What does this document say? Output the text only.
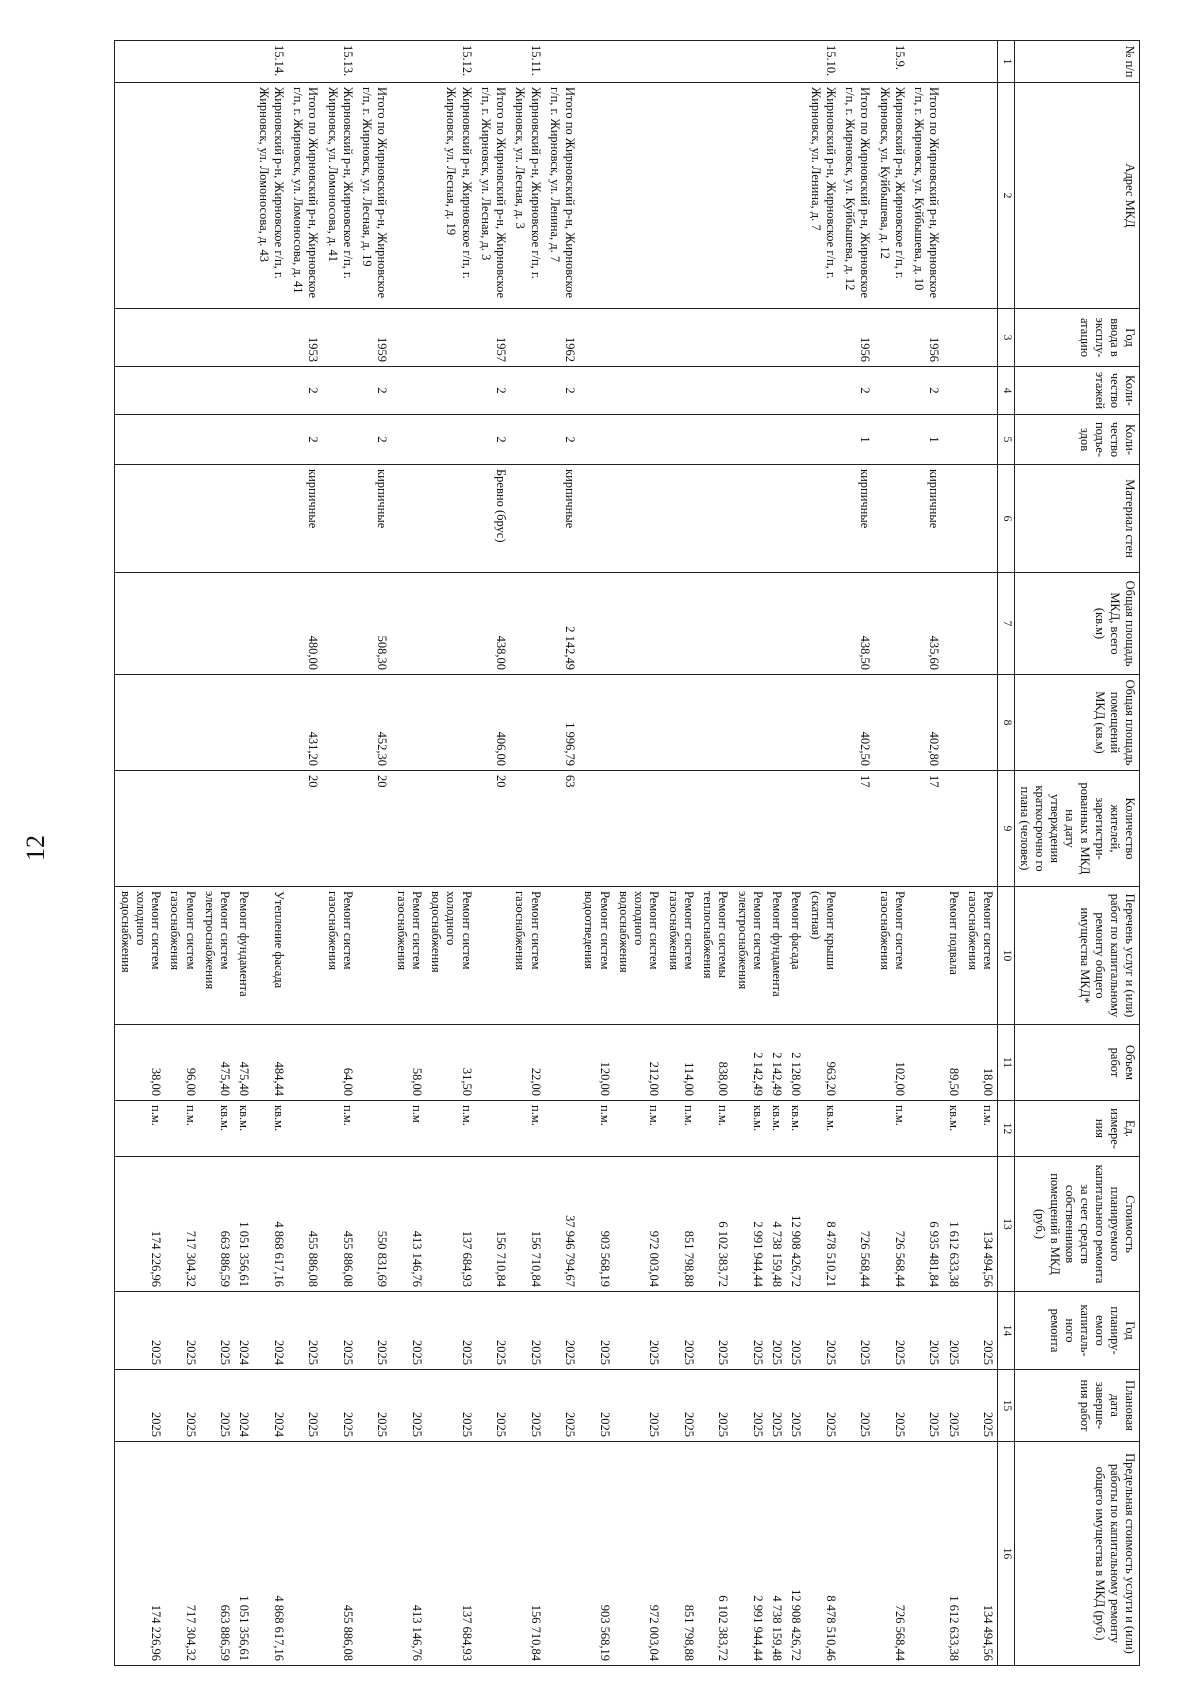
12
№ п/п	Адрес МКД	Год ввода в эксплу-атацию	Коли-чество этажей	Коли-чество подъе-здов	Материал стен	Общая площадь МКД, всего (кв.м)	Общая площадь помещений МКД (кв.м)	Количество жителей, зарегистри-рованных в МКД на дату утверждения краткосрочно го плана (человек)	Перечень услуг и (или) работ по капитальному ремонту общего имущества МКД*	Объем работ	Ед. измере-ния	Стоимость планируемого капитального ремонта за счет средств собственников помещений в МКД (руб.)	Год планиру-емого капиталь-ного ремонта	Плановая дата заверше-ния работ	Предельная стоимость услуги и (или) работы по капитальному ремонту общего имущества в МКД (руб.)
1	2	3	4	5	6	7	8	9	10	11	12	13	14	15	16
									Ремонт систем газоснабжения	18,00	п.м.	134 494,56	2025	2025	134 494,56
									Ремонт подвала	89,50	кв.м.	1 612 633,38	2025	2025	1 612 633,38
	Итого по Жирновский р-н, Жирновское г/п, г. Жирновск, ул. Куйбышева, д. 10	1956	2	1	кирпичные	435,60	402,80	17				6 935 481,84	2025	2025	
15.9.	Жирновский р-н, Жирновское г/п, г. Жирновск, ул. Куйбышева, д. 12								Ремонт систем газоснабжения	102,00	п.м.	726 568,44	2025	2025	726 568,44
	Итого по Жирновский р-н, Жирновское г/п, г. Жирновск, ул. Куйбышева, д. 12	1956	2	1	кирпичные	438,50	402,50	17				726 568,44	2025	2025	
15.10.	Жирновский р-н, Жирновское г/п, г. Жирновск, ул. Ленина, д. 7								Ремонт крыши (скатная)	963,20	кв.м.	8 478 510,21	2025	2025	8 478 510,46
									Ремонт фасада	2 128,00	кв.м.	12 908 426,72	2025	2025	12 908 426,72
									Ремонт фундамента	2 142,49	кв.м.	4 738 159,48	2025	2025	4 738 159,48
									Ремонт систем электроснабжения	2 142,49	кв.м.	2 991 944,44	2025	2025	2 991 944,44
									Ремонт системы теплоснабжения	838,00	п.м.	6 102 383,72	2025	2025	6 102 383,72
									Ремонт систем газоснабжения	114,00	п.м.	851 798,88	2025	2025	851 798,88
									Ремонт систем холодного водоснабжения	212,00	п.м.	972 003,04	2025	2025	972 003,04
									Ремонт систем водоотведения	120,00	п.м.	903 568,19	2025	2025	903 568,19
	Итого по Жирновский р-н, Жирновское г/п, г. Жирновск, ул. Ленина, д. 7	1962	2	2	кирпичные	2 142,49	1 996,79	63				37 946 794,67	2025	2025	
15.11.	Жирновский р-н, Жирновское г/п, г. Жирновск, ул. Лесная, д. 3								Ремонт систем газоснабжения	22,00	п.м.	156 710,84	2025	2025	156 710,84
	Итого по Жирновский р-н, Жирновское г/п, г. Жирновск, ул. Лесная, д. 3	1957	2	2	Бревно (брус)	438,00	406,00	20				156 710,84	2025	2025	
15.12.	Жирновский р-н, Жирновское г/п, г. Жирновск, ул. Лесная, д. 19								Ремонт систем холодного водоснабжения	31,50	п.м.	137 684,93	2025	2025	137 684,93
									Ремонт систем газоснабжения	58,00	п.м	413 146,76	2025	2025	413 146,76
	Итого по Жирновский р-н, Жирновское г/п, г. Жирновск, ул. Лесная, д. 19	1959	2	2	кирпичные	508,30	452,30	20				550 831,69	2025	2025	
15.13.	Жирновский р-н, Жирновское г/п, г. Жирновск, ул. Ломоносова, д. 41								Ремонт систем газоснабжения	64,00	п.м.	455 886,08	2025	2025	455 886,08
	Итого по Жирновский р-н, Жирновское г/п, г. Жирновск, ул. Ломоносова, д. 41	1953	2	2	кирпичные	480,00	431,20	20				455 886,08	2025	2025	
15.14.	Жирновский р-н, Жирновское г/п, г. Жирновск, ул. Ломоносова, д. 43								Утепление фасада	484,44	кв.м.	4 868 617,16	2024	2024	4 868 617,16
									Ремонт фундамента	475,40	кв.м.	1 051 356,61	2024	2024	1 051 356,61
									Ремонт систем электроснабжения	475,40	кв.м.	663 886,59	2025	2025	663 886,59
									Ремонт систем газоснабжения	96,00	п.м.	717 304,32	2025	2025	717 304,32
									Ремонт систем холодного водоснабжения	38,00	п.м.	174 226,96	2025	2025	174 226,96
